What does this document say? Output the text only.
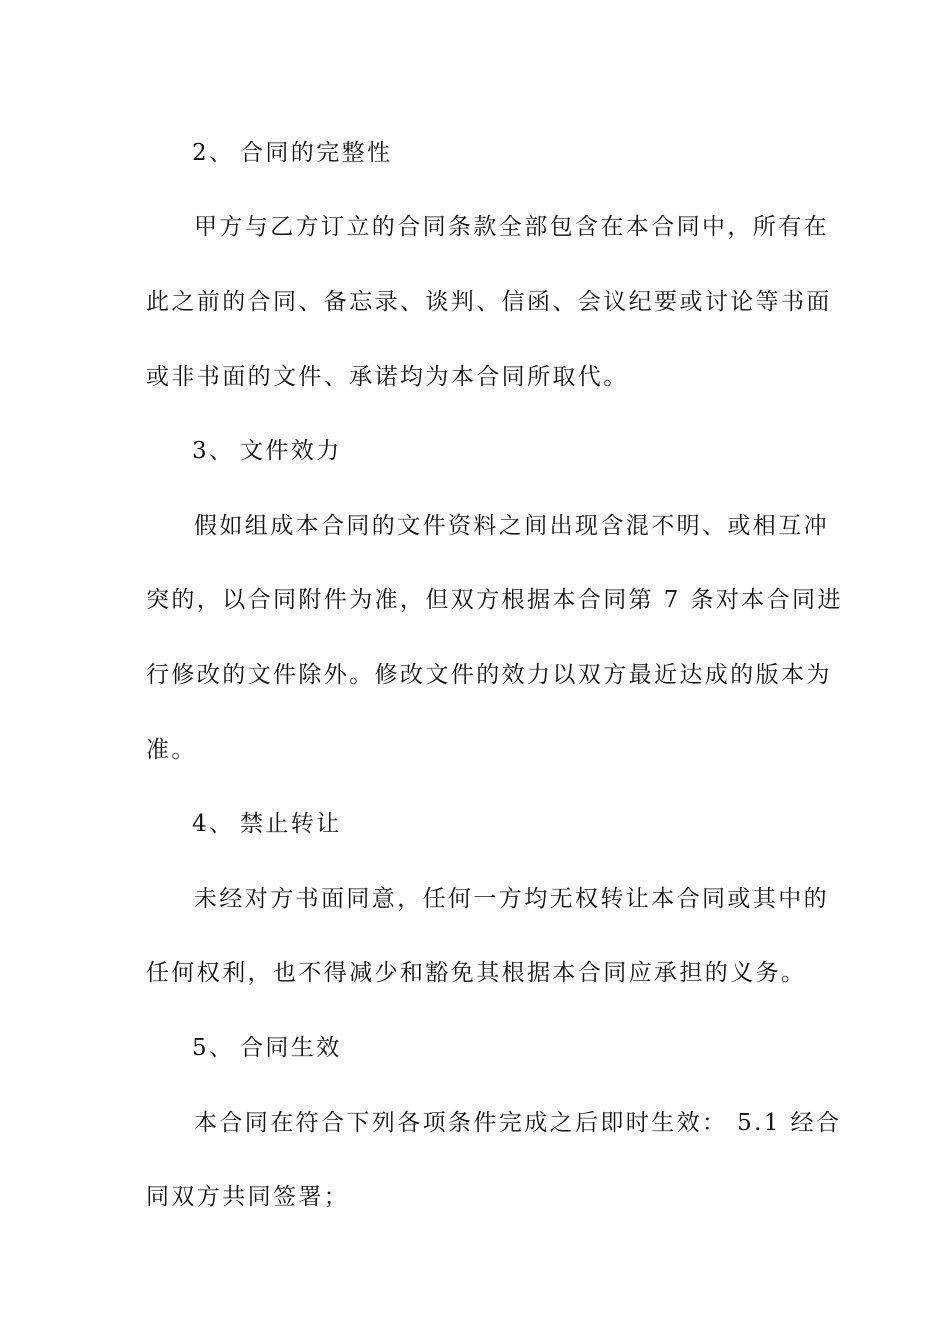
2、 合同的完整性
甲方与乙方订立的合同条款全部包含在本合同中，所有在
此之前的合同、备忘录、谈判、信函、会议纪要或讨论等书面
或非书面的文件、承诺均为本合同所取代。
3、 文件效力
假如组成本合同的文件资料之间出现含混不明、或相互冲
突的，以合同附件为准，但双方根据本合同第 7 条对本合同进
行修改的文件除外。修改文件的效力以双方最近达成的版本为
准。
4、 禁止转让
未经对方书面同意，任何一方均无权转让本合同或其中的
任何权利，也不得减少和豁免其根据本合同应承担的义务。
5、 合同生效
本合同在符合下列各项条件完成之后即时生效： 5.1 经合
同双方共同签署；
